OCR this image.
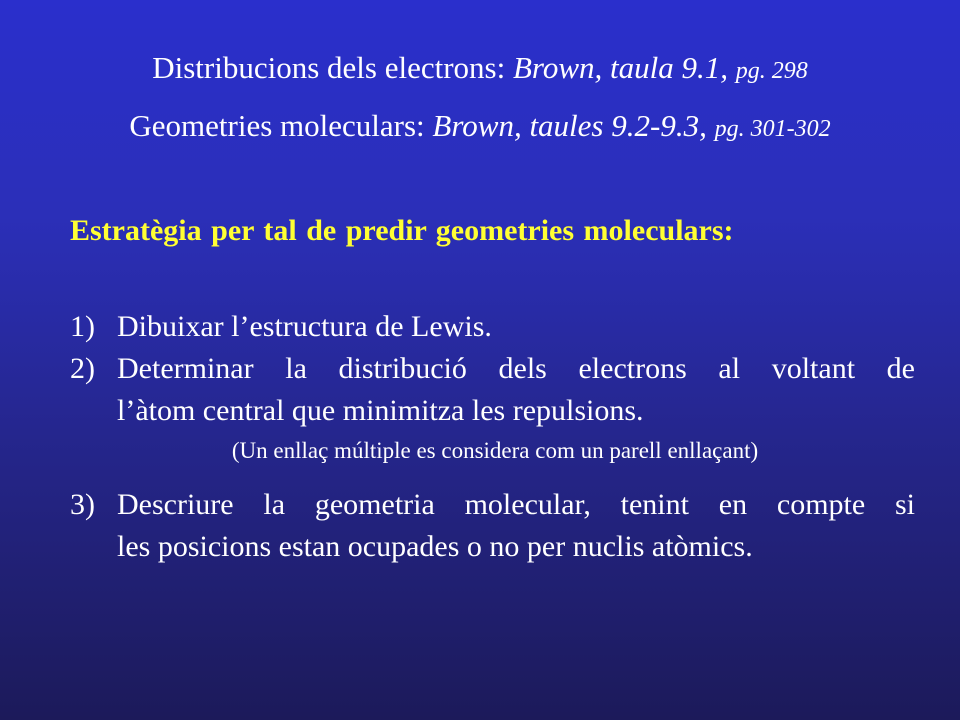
Distribucions dels electrons: Brown, taula 9.1, pg. 298
Geometries moleculars: Brown, taules 9.2-9.3, pg. 301-302
Estratègia per tal de predir geometries moleculars:
1) Dibuixar l’estructura de Lewis.
2) Determinar la distribució dels electrons al voltant de
l’àtom central que minimitza les repulsions.
(Un enllaç múltiple es considera com un parell enllaçant)
3) Descriure la geometria molecular, tenint en compte si
les posicions estan ocupades o no per nuclis atòmics.
